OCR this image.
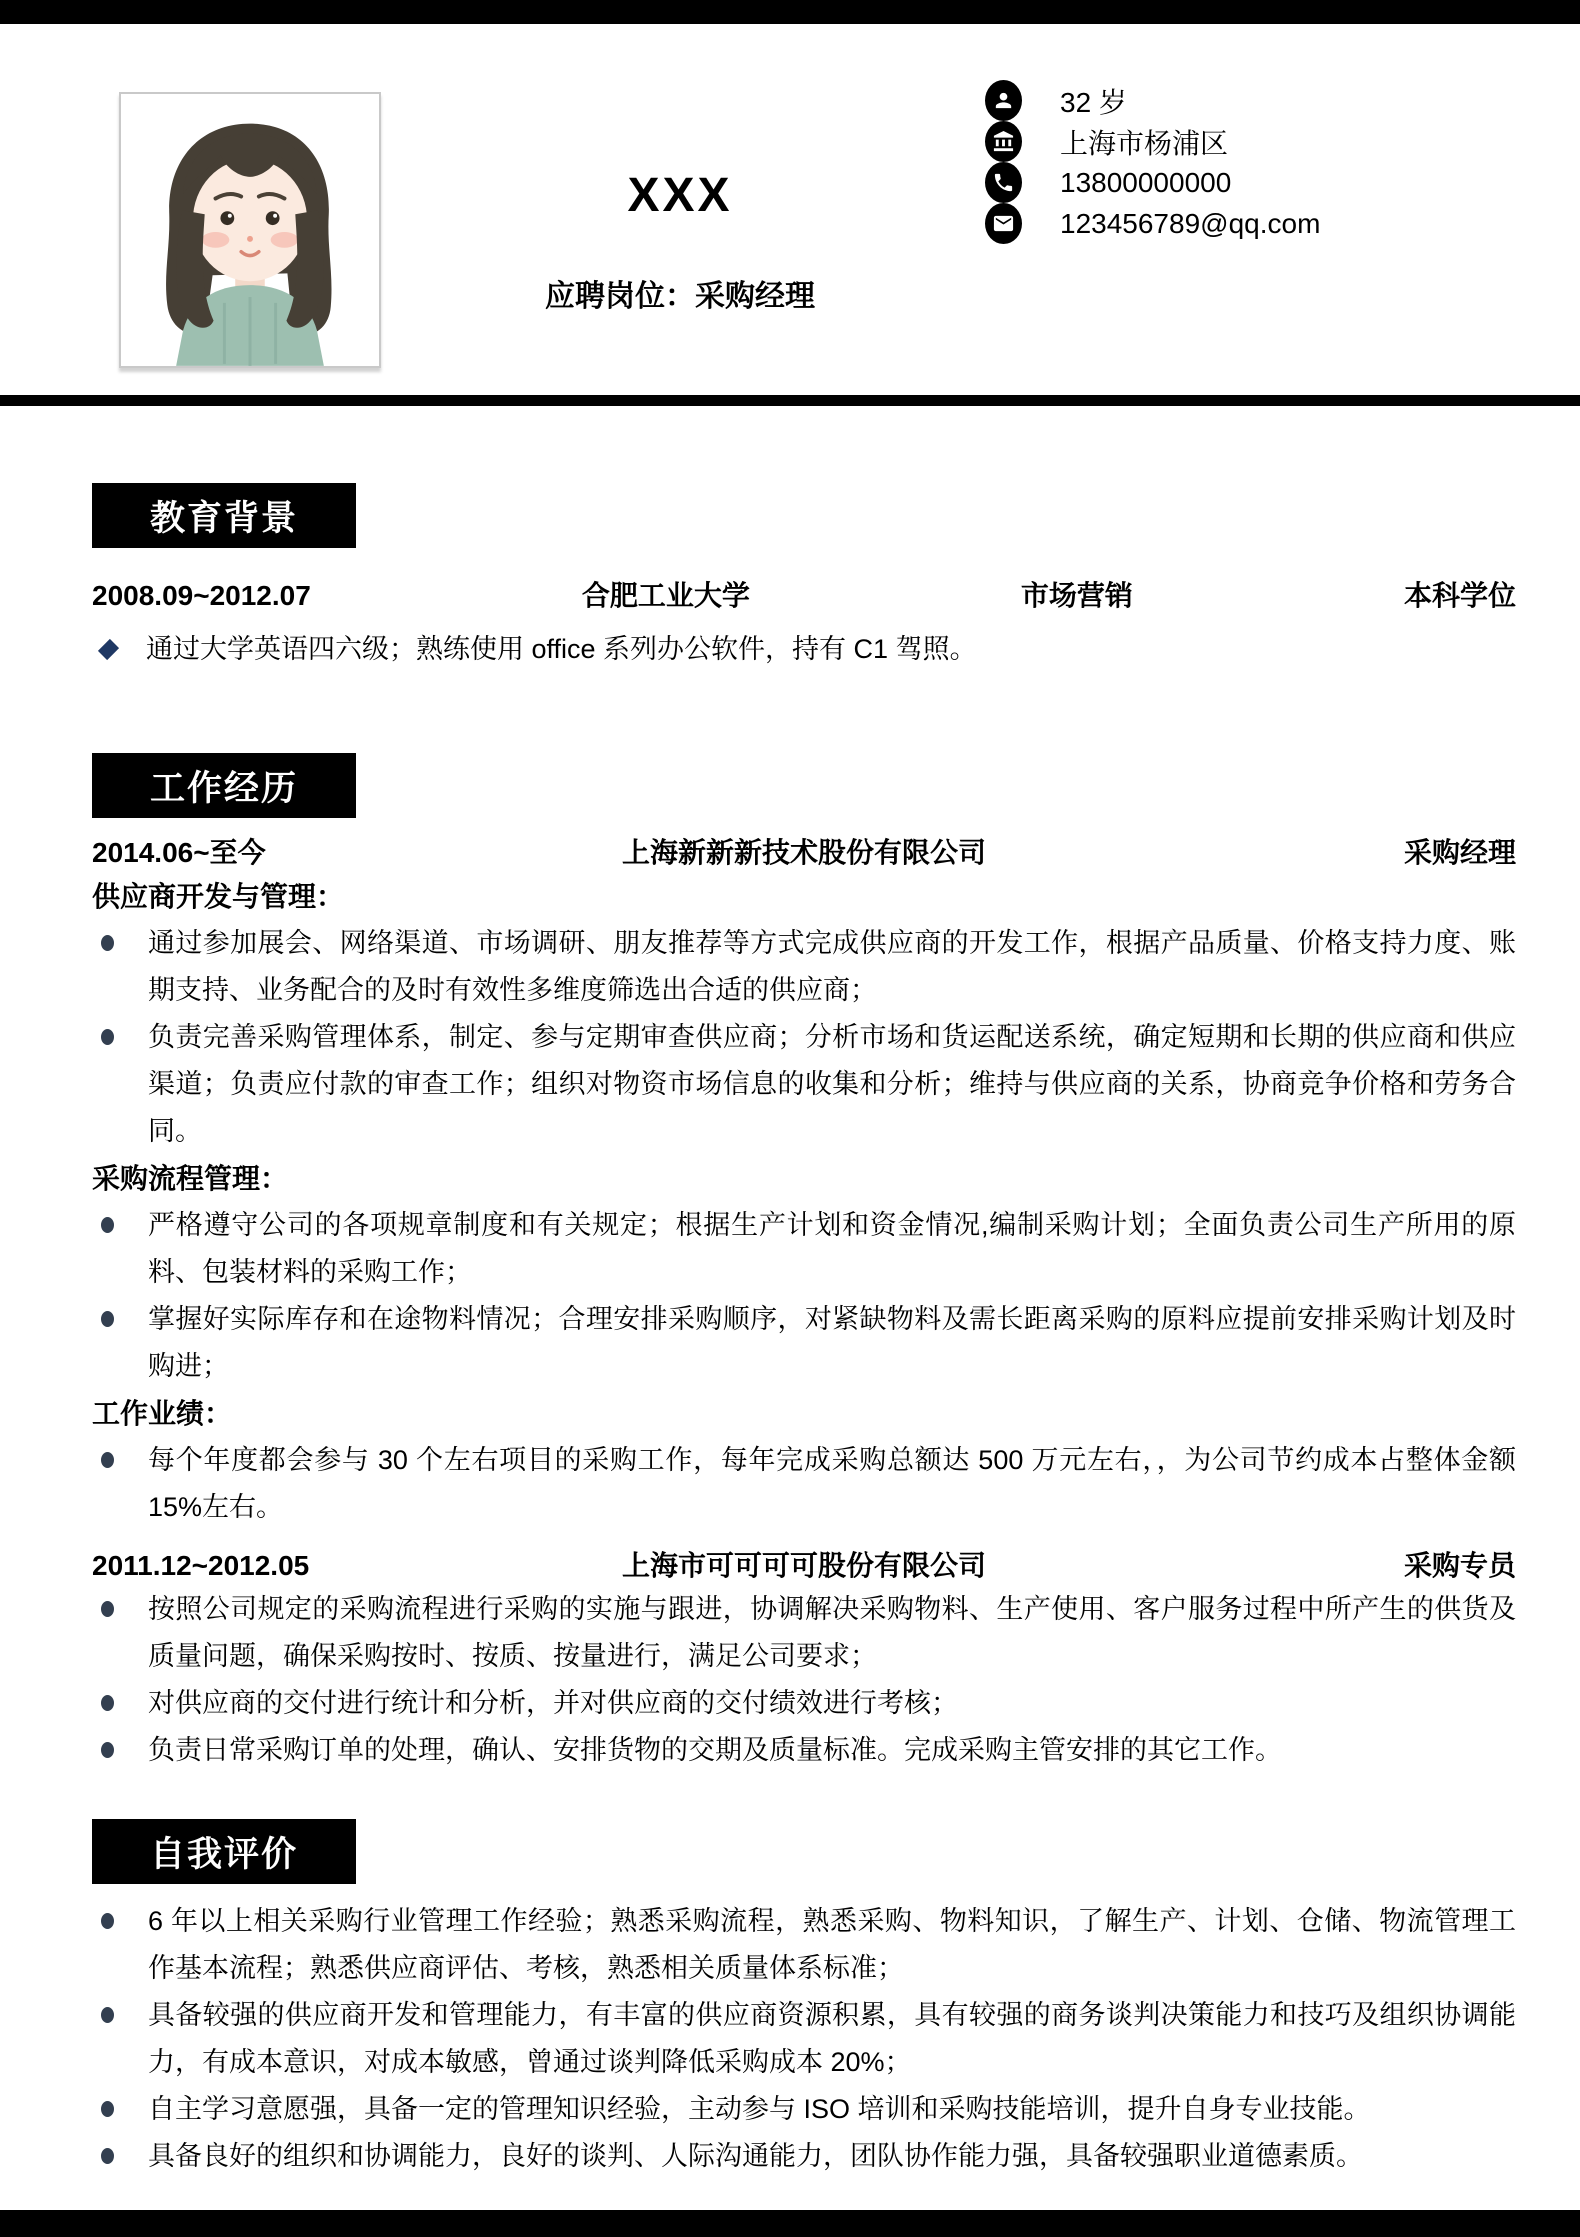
XXX
应聘岗位：采购经理
32 岁
上海市杨浦区
13800000000
123456789@qq.com
教育背景
2008.09~2012.07	合肥工业大学	市场营销	本科学位
通过大学英语四六级；熟练使用 office 系列办公软件，持有 C1 驾照。
工作经历
2014.06~至今	上海新新新技术股份有限公司	采购经理
供应商开发与管理：
通过参加展会、网络渠道、市场调研、朋友推荐等方式完成供应商的开发工作，根据产品质量、价格支持力度、账期支持、业务配合的及时有效性多维度筛选出合适的供应商；
负责完善采购管理体系，制定、参与定期审查供应商；分析市场和货运配送系统，确定短期和长期的供应商和供应渠道；负责应付款的审查工作；组织对物资市场信息的收集和分析；维持与供应商的关系，协商竞争价格和劳务合同。
采购流程管理：
严格遵守公司的各项规章制度和有关规定；根据生产计划和资金情况,编制采购计划；全面负责公司生产所用的原料、包装材料的采购工作；
掌握好实际库存和在途物料情况；合理安排采购顺序，对紧缺物料及需长距离采购的原料应提前安排采购计划及时购进；
工作业绩：
每个年度都会参与 30 个左右项目的采购工作，每年完成采购总额达 500 万元左右，，为公司节约成本占整体金额 15%左右。
2011.12~2012.05	上海市可可可可股份有限公司	采购专员
按照公司规定的采购流程进行采购的实施与跟进，协调解决采购物料、生产使用、客户服务过程中所产生的供货及质量问题，确保采购按时、按质、按量进行，满足公司要求；
对供应商的交付进行统计和分析，并对供应商的交付绩效进行考核；
负责日常采购订单的处理，确认、安排货物的交期及质量标准。完成采购主管安排的其它工作。
自我评价
6 年以上相关采购行业管理工作经验；熟悉采购流程，熟悉采购、物料知识，了解生产、计划、仓储、物流管理工作基本流程；熟悉供应商评估、考核，熟悉相关质量体系标准；
具备较强的供应商开发和管理能力，有丰富的供应商资源积累，具有较强的商务谈判决策能力和技巧及组织协调能力，有成本意识，对成本敏感，曾通过谈判降低采购成本 20%；
自主学习意愿强，具备一定的管理知识经验，主动参与 ISO 培训和采购技能培训，提升自身专业技能。
具备良好的组织和协调能力，良好的谈判、人际沟通能力，团队协作能力强，具备较强职业道德素质。
